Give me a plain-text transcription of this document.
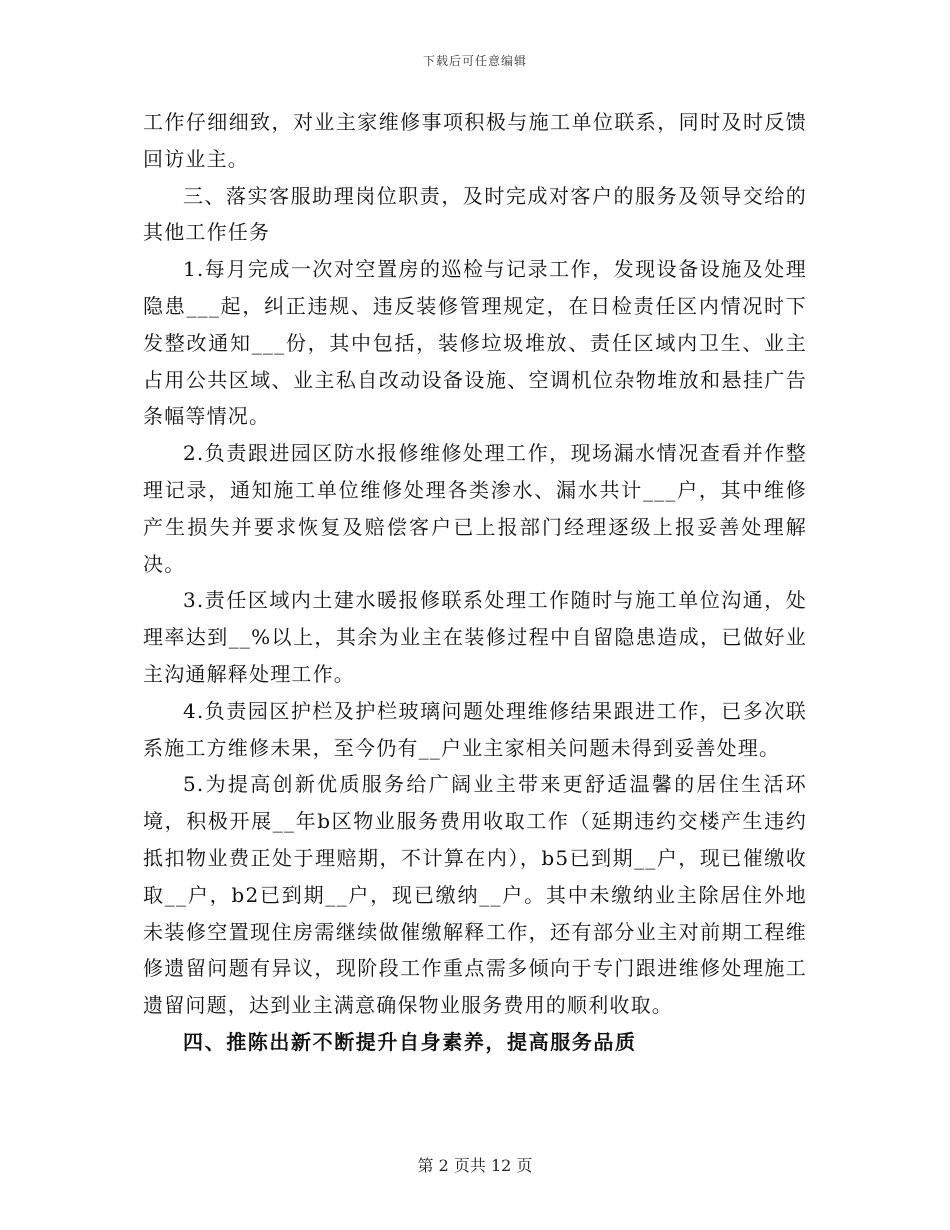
下载后可任意编辑

工作仔细细致，对业主家维修事项积极与施工单位联系，同时及时反馈回访业主。

三、落实客服助理岗位职责，及时完成对客户的服务及领导交给的其他工作任务

1.每月完成一次对空置房的巡检与记录工作，发现设备设施及处理隐患___起，纠正违规、违反装修管理规定，在日检责任区内情况时下发整改通知___份，其中包括，装修垃圾堆放、责任区域内卫生、业主占用公共区域、业主私自改动设备设施、空调机位杂物堆放和悬挂广告条幅等情况。

2.负责跟进园区防水报修维修处理工作，现场漏水情况查看并作整理记录，通知施工单位维修处理各类渗水、漏水共计___户，其中维修产生损失并要求恢复及赔偿客户已上报部门经理逐级上报妥善处理解决。

3.责任区域内土建水暖报修联系处理工作随时与施工单位沟通，处理率达到__%以上，其余为业主在装修过程中自留隐患造成，已做好业主沟通解释处理工作。

4.负责园区护栏及护栏玻璃问题处理维修结果跟进工作，已多次联系施工方维修未果，至今仍有__户业主家相关问题未得到妥善处理。

5.为提高创新优质服务给广阔业主带来更舒适温馨的居住生活环境，积极开展__年b区物业服务费用收取工作（延期违约交楼产生违约抵扣物业费正处于理赔期，不计算在内），b5已到期__户，现已催缴收取__户，b2已到期__户，现已缴纳__户。其中未缴纳业主除居住外地未装修空置现住房需继续做催缴解释工作，还有部分业主对前期工程维修遗留问题有异议，现阶段工作重点需多倾向于专门跟进维修处理施工遗留问题，达到业主满意确保物业服务费用的顺利收取。

四、推陈出新不断提升自身素养，提高服务品质

第 2 页共 12 页
